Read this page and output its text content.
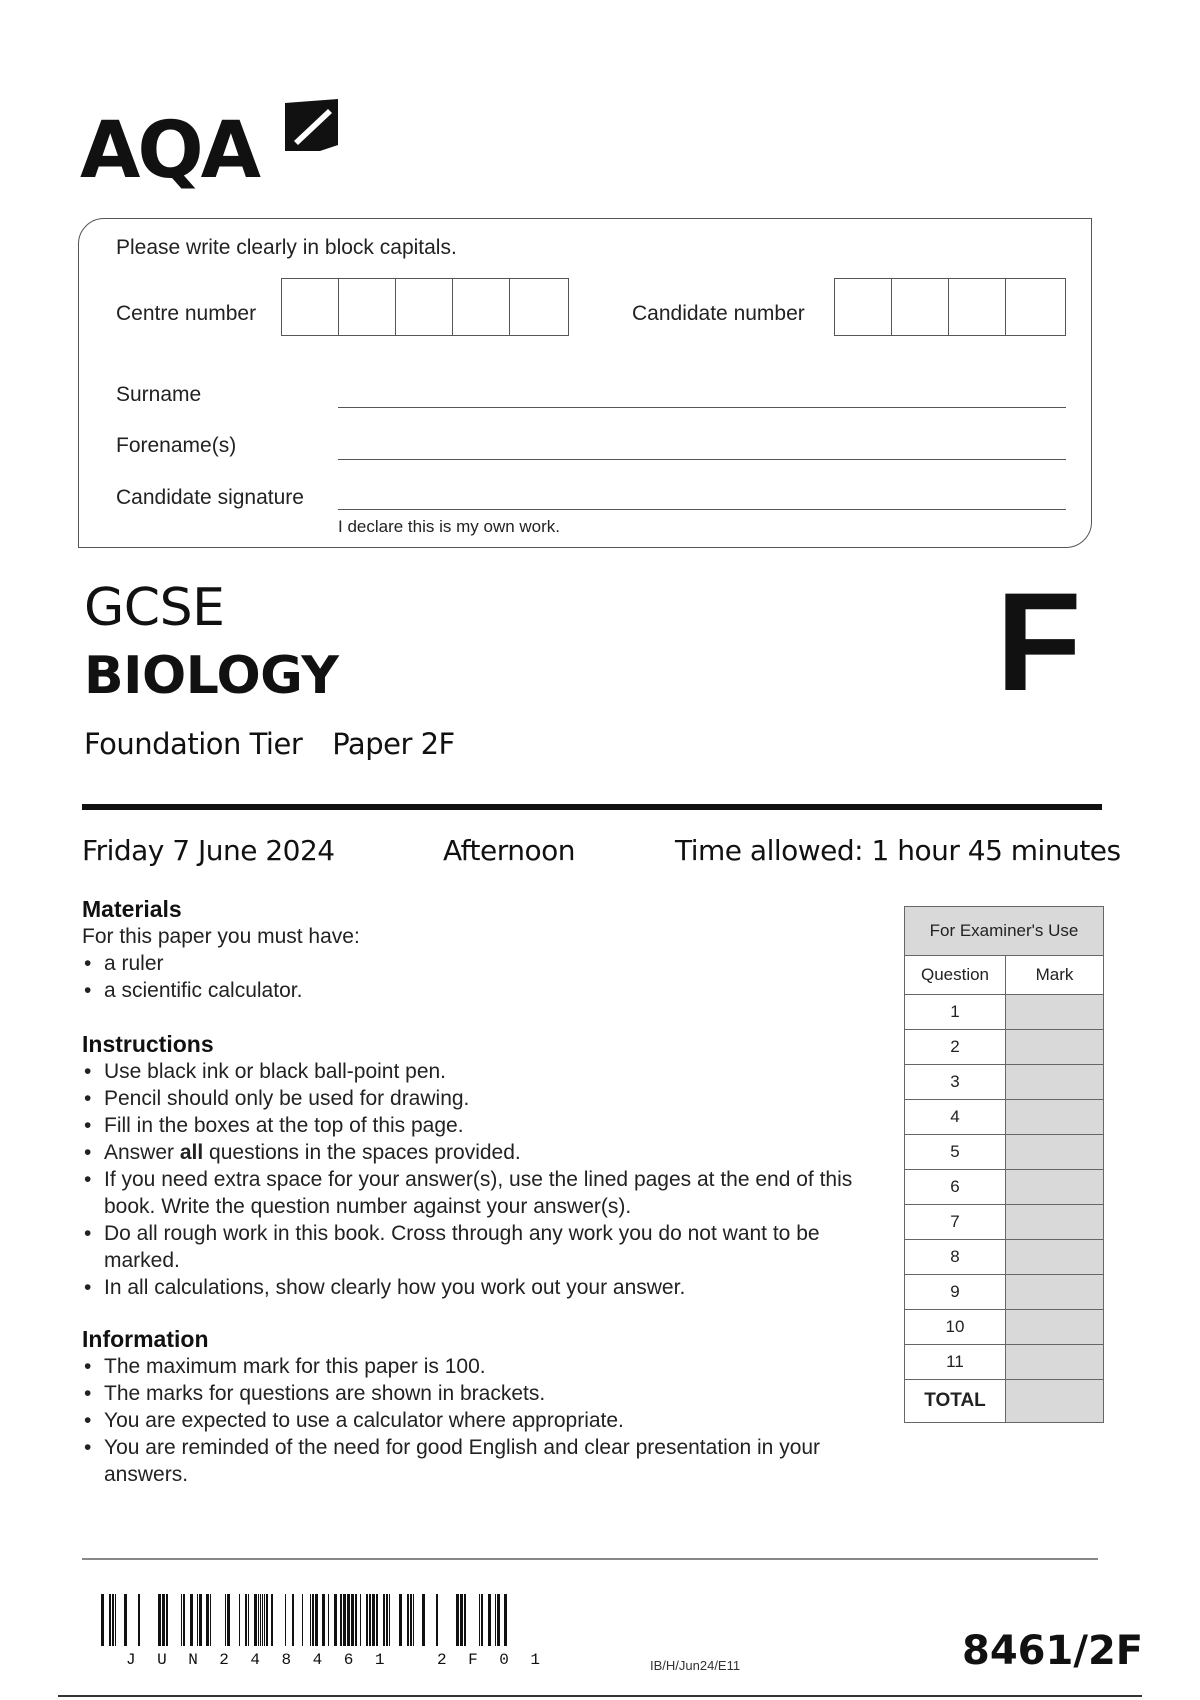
AQA
Please write clearly in block capitals.
Centre number	Candidate number
Surname
Forename(s)
Candidate signature
I declare this is my own work.
GCSE
BIOLOGY
Foundation Tier Paper 2F
F
Friday 7 June 2024	Afternoon	Time allowed: 1 hour 45 minutes
Materials
For this paper you must have:
• a ruler
• a scientific calculator.
Instructions
• Use black ink or black ball-point pen.
• Pencil should only be used for drawing.
• Fill in the boxes at the top of this page.
• Answer all questions in the spaces provided.
• If you need extra space for your answer(s), use the lined pages at the end of this book. Write the question number against your answer(s).
• Do all rough work in this book. Cross through any work you do not want to be marked.
• In all calculations, show clearly how you work out your answer.
Information
• The maximum mark for this paper is 100.
• The marks for questions are shown in brackets.
• You are expected to use a calculator where appropriate.
• You are reminded of the need for good English and clear presentation in your answers.
For Examiner's Use	
Question	Mark
1	
2	
3	
4	
5	
6	
7	
8	
9	
10	
11	
TOTAL	
JUN248461 2F01	IB/H/Jun24/E11	8461/2F
